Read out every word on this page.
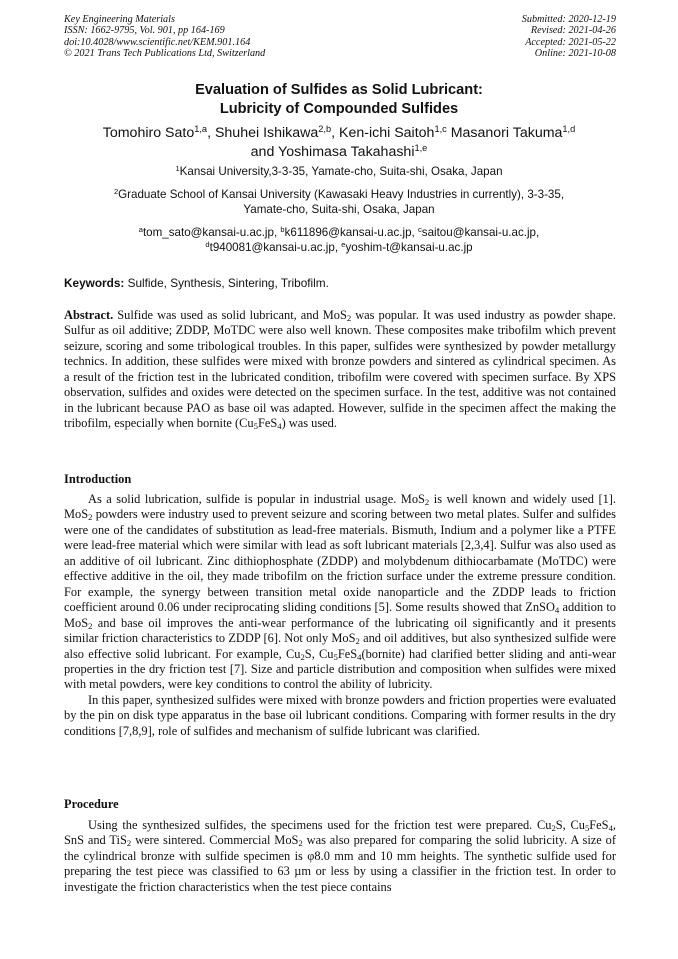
Key Engineering Materials
ISSN: 1662-9795, Vol. 901, pp 164-169
doi:10.4028/www.scientific.net/KEM.901.164
© 2021 Trans Tech Publications Ltd, Switzerland
Submitted: 2020-12-19
Revised: 2021-04-26
Accepted: 2021-05-22
Online: 2021-10-08
Evaluation of Sulfides as Solid Lubricant:
Lubricity of Compounded Sulfides
Tomohiro Sato$^{1,a}$, Shuhei Ishikawa$^{2,b}$, Ken-ichi Saitoh$^{1,c}$ Masanori Takuma$^{1,d}$
and Yoshimasa Takahashi$^{1,e}$
$^1$Kansai University,3-3-35, Yamate-cho, Suita-shi, Osaka, Japan
$^2$Graduate School of Kansai University (Kawasaki Heavy Industries in currently), 3-3-35,
Yamate-cho, Suita-shi, Osaka, Japan
$^a$tom_sato@kansai-u.ac.jp, $^b$k611896@kansai-u.ac.jp, $^c$saitou@kansai-u.ac.jp,
$^d$t940081@kansai-u.ac.jp, $^e$yoshim-t@kansai-u.ac.jp
Keywords: Sulfide, Synthesis, Sintering, Tribofilm.

Abstract. Sulfide was used as solid lubricant, and MoS$_2$ was popular. It was used industry as powder shape. Sulfur as oil additive; ZDDP, MoTDC were also well known. These composites make tribofilm which prevent seizure, scoring and some tribological troubles. In this paper, sulfides were synthesized by powder metallurgy technics. In addition, these sulfides were mixed with bronze powders and sintered as cylindrical specimen. As a result of the friction test in the lubricated condition, tribofilm were covered with specimen surface. By XPS observation, sulfides and oxides were detected on the specimen surface. In the test, additive was not contained in the lubricant because PAO as base oil was adapted. However, sulfide in the specimen affect the making the tribofilm, especially when bornite $(Cu_5FeS_4)$ was used.

Introduction

As a solid lubrication, sulfide is popular in industrial usage. MoS$_2$ is well known and widely used [1]. MoS$_2$ powders were industry used to prevent seizure and scoring between two metal plates. Sulfer and sulfides were one of the candidates of substitution as lead-free materials. Bismuth, Indium and a polymer like a PTFE were lead-free material which were similar with lead as soft lubricant materials [2,3,4]. Sulfur was also used as an additive of oil lubricant. Zinc dithiophosphate (ZDDP) and molybdenum dithiocarbamate (MoTDC) were effective additive in the oil, they made tribofilm on the friction surface under the extreme pressure condition. For example, the synergy between transition metal oxide nanoparticle and the ZDDP leads to friction coefficient around 0.06 under reciprocating sliding conditions [5]. Some results showed that ZnSO$_4$ addition to MoS$_2$ and base oil improves the anti-wear performance of the lubricating oil significantly and it presents similar friction characteristics to ZDDP [6]. Not only MoS$_2$ and oil additives, but also synthesized sulfide were also effective solid lubricant. For example, $Cu_2S$, $Cu_5FeS_4(bornite)$ had clarified better sliding and anti-wear properties in the dry friction test [7]. Size and particle distribution and composition when sulfides were mixed with metal powders, were key conditions to control the ability of lubricity.

In this paper, synthesized sulfides were mixed with bronze powders and friction properties were evaluated by the pin on disk type apparatus in the base oil lubricant conditions. Comparing with former results in the dry conditions [7,8,9], role of sulfides and mechanism of sulfide lubricant was clarified.

Procedure

Using the synthesized sulfides, the specimens used for the friction test were prepared. $Cu_2S$, $Cu_5FeS_4$, SnS and TiS$_2$ were sintered. Commercial MoS$_2$ was also prepared for comparing the solid lubricity. A size of the cylindrical bronze with sulfide specimen is φ8.0 mm and 10 mm heights. The synthetic sulfide used for preparing the test piece was classified to 63 µm or less by using a classifier in the friction test. In order to investigate the friction characteristics when the test piece contains
